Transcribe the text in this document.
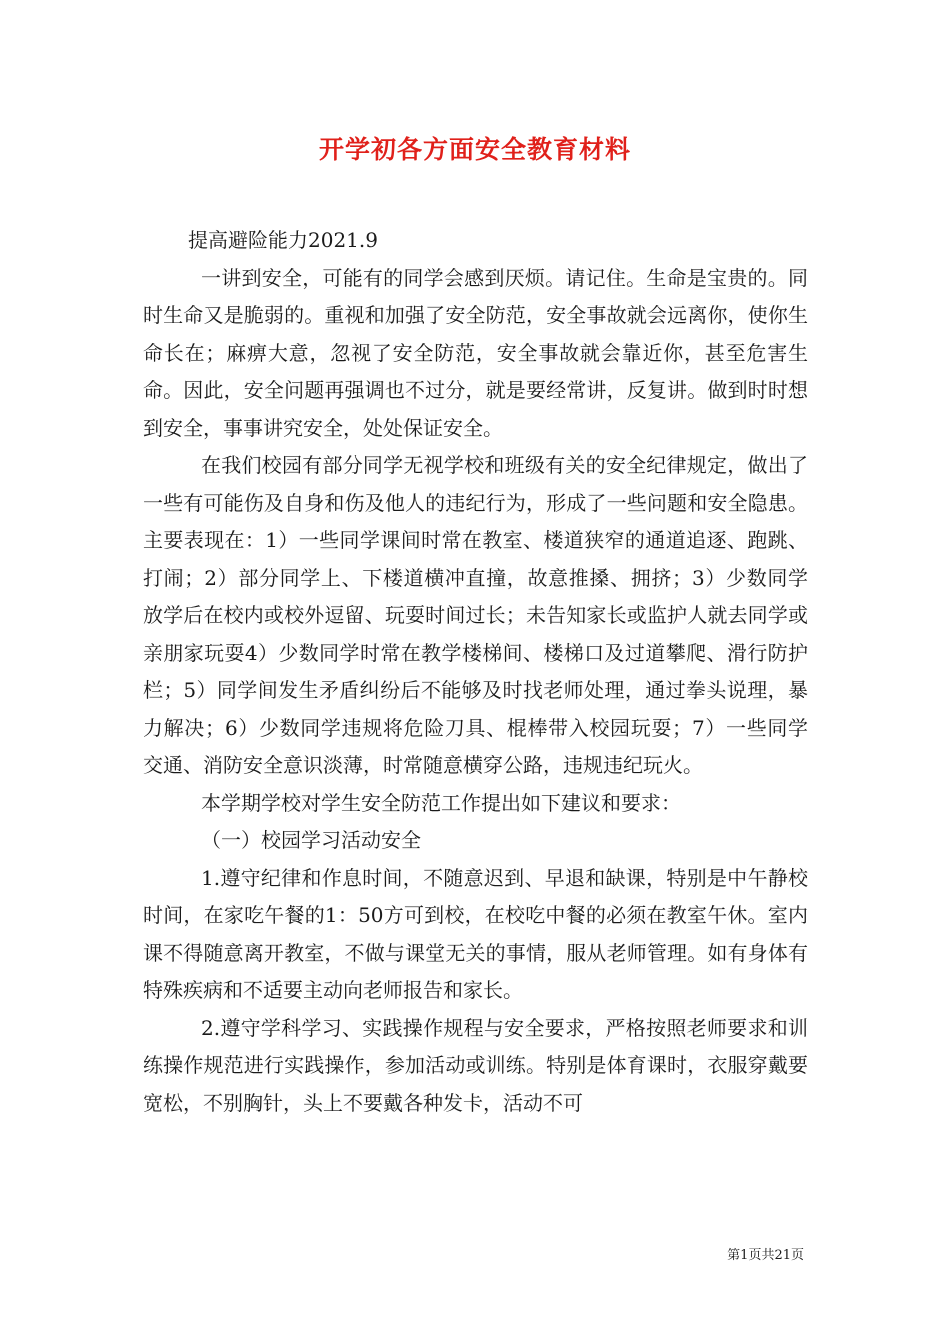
开学初各方面安全教育材料

提高避险能力2021.9

一讲到安全，可能有的同学会感到厌烦。请记住。生命是宝贵的。同时生命又是脆弱的。重视和加强了安全防范，安全事故就会远离你，使你生命长在；麻痹大意，忽视了安全防范，安全事故就会靠近你，甚至危害生命。因此，安全问题再强调也不过分，就是要经常讲，反复讲。做到时时想到安全，事事讲究安全，处处保证安全。

在我们校园有部分同学无视学校和班级有关的安全纪律规定，做出了一些有可能伤及自身和伤及他人的违纪行为，形成了一些问题和安全隐患。主要表现在：1）一些同学课间时常在教室、楼道狭窄的通道追逐、跑跳、打闹；2）部分同学上、下楼道横冲直撞，故意推搡、拥挤；3）少数同学放学后在校内或校外逗留、玩耍时间过长；未告知家长或监护人就去同学或亲朋家玩耍4）少数同学时常在教学楼梯间、楼梯口及过道攀爬、滑行防护栏；5）同学间发生矛盾纠纷后不能够及时找老师处理，通过拳头说理，暴力解决；6）少数同学违规将危险刀具、棍棒带入校园玩耍；7）一些同学交通、消防安全意识淡薄，时常随意横穿公路，违规违纪玩火。

本学期学校对学生安全防范工作提出如下建议和要求：

（一）校园学习活动安全

1.遵守纪律和作息时间，不随意迟到、早退和缺课，特别是中午静校时间，在家吃午餐的1：50方可到校，在校吃中餐的必须在教室午休。室内课不得随意离开教室，不做与课堂无关的事情，服从老师管理。如有身体有特殊疾病和不适要主动向老师报告和家长。

2.遵守学科学习、实践操作规程与安全要求，严格按照老师要求和训练操作规范进行实践操作，参加活动或训练。特别是体育课时，衣服穿戴要宽松，不别胸针，头上不要戴各种发卡，活动不可

第1页共21页
